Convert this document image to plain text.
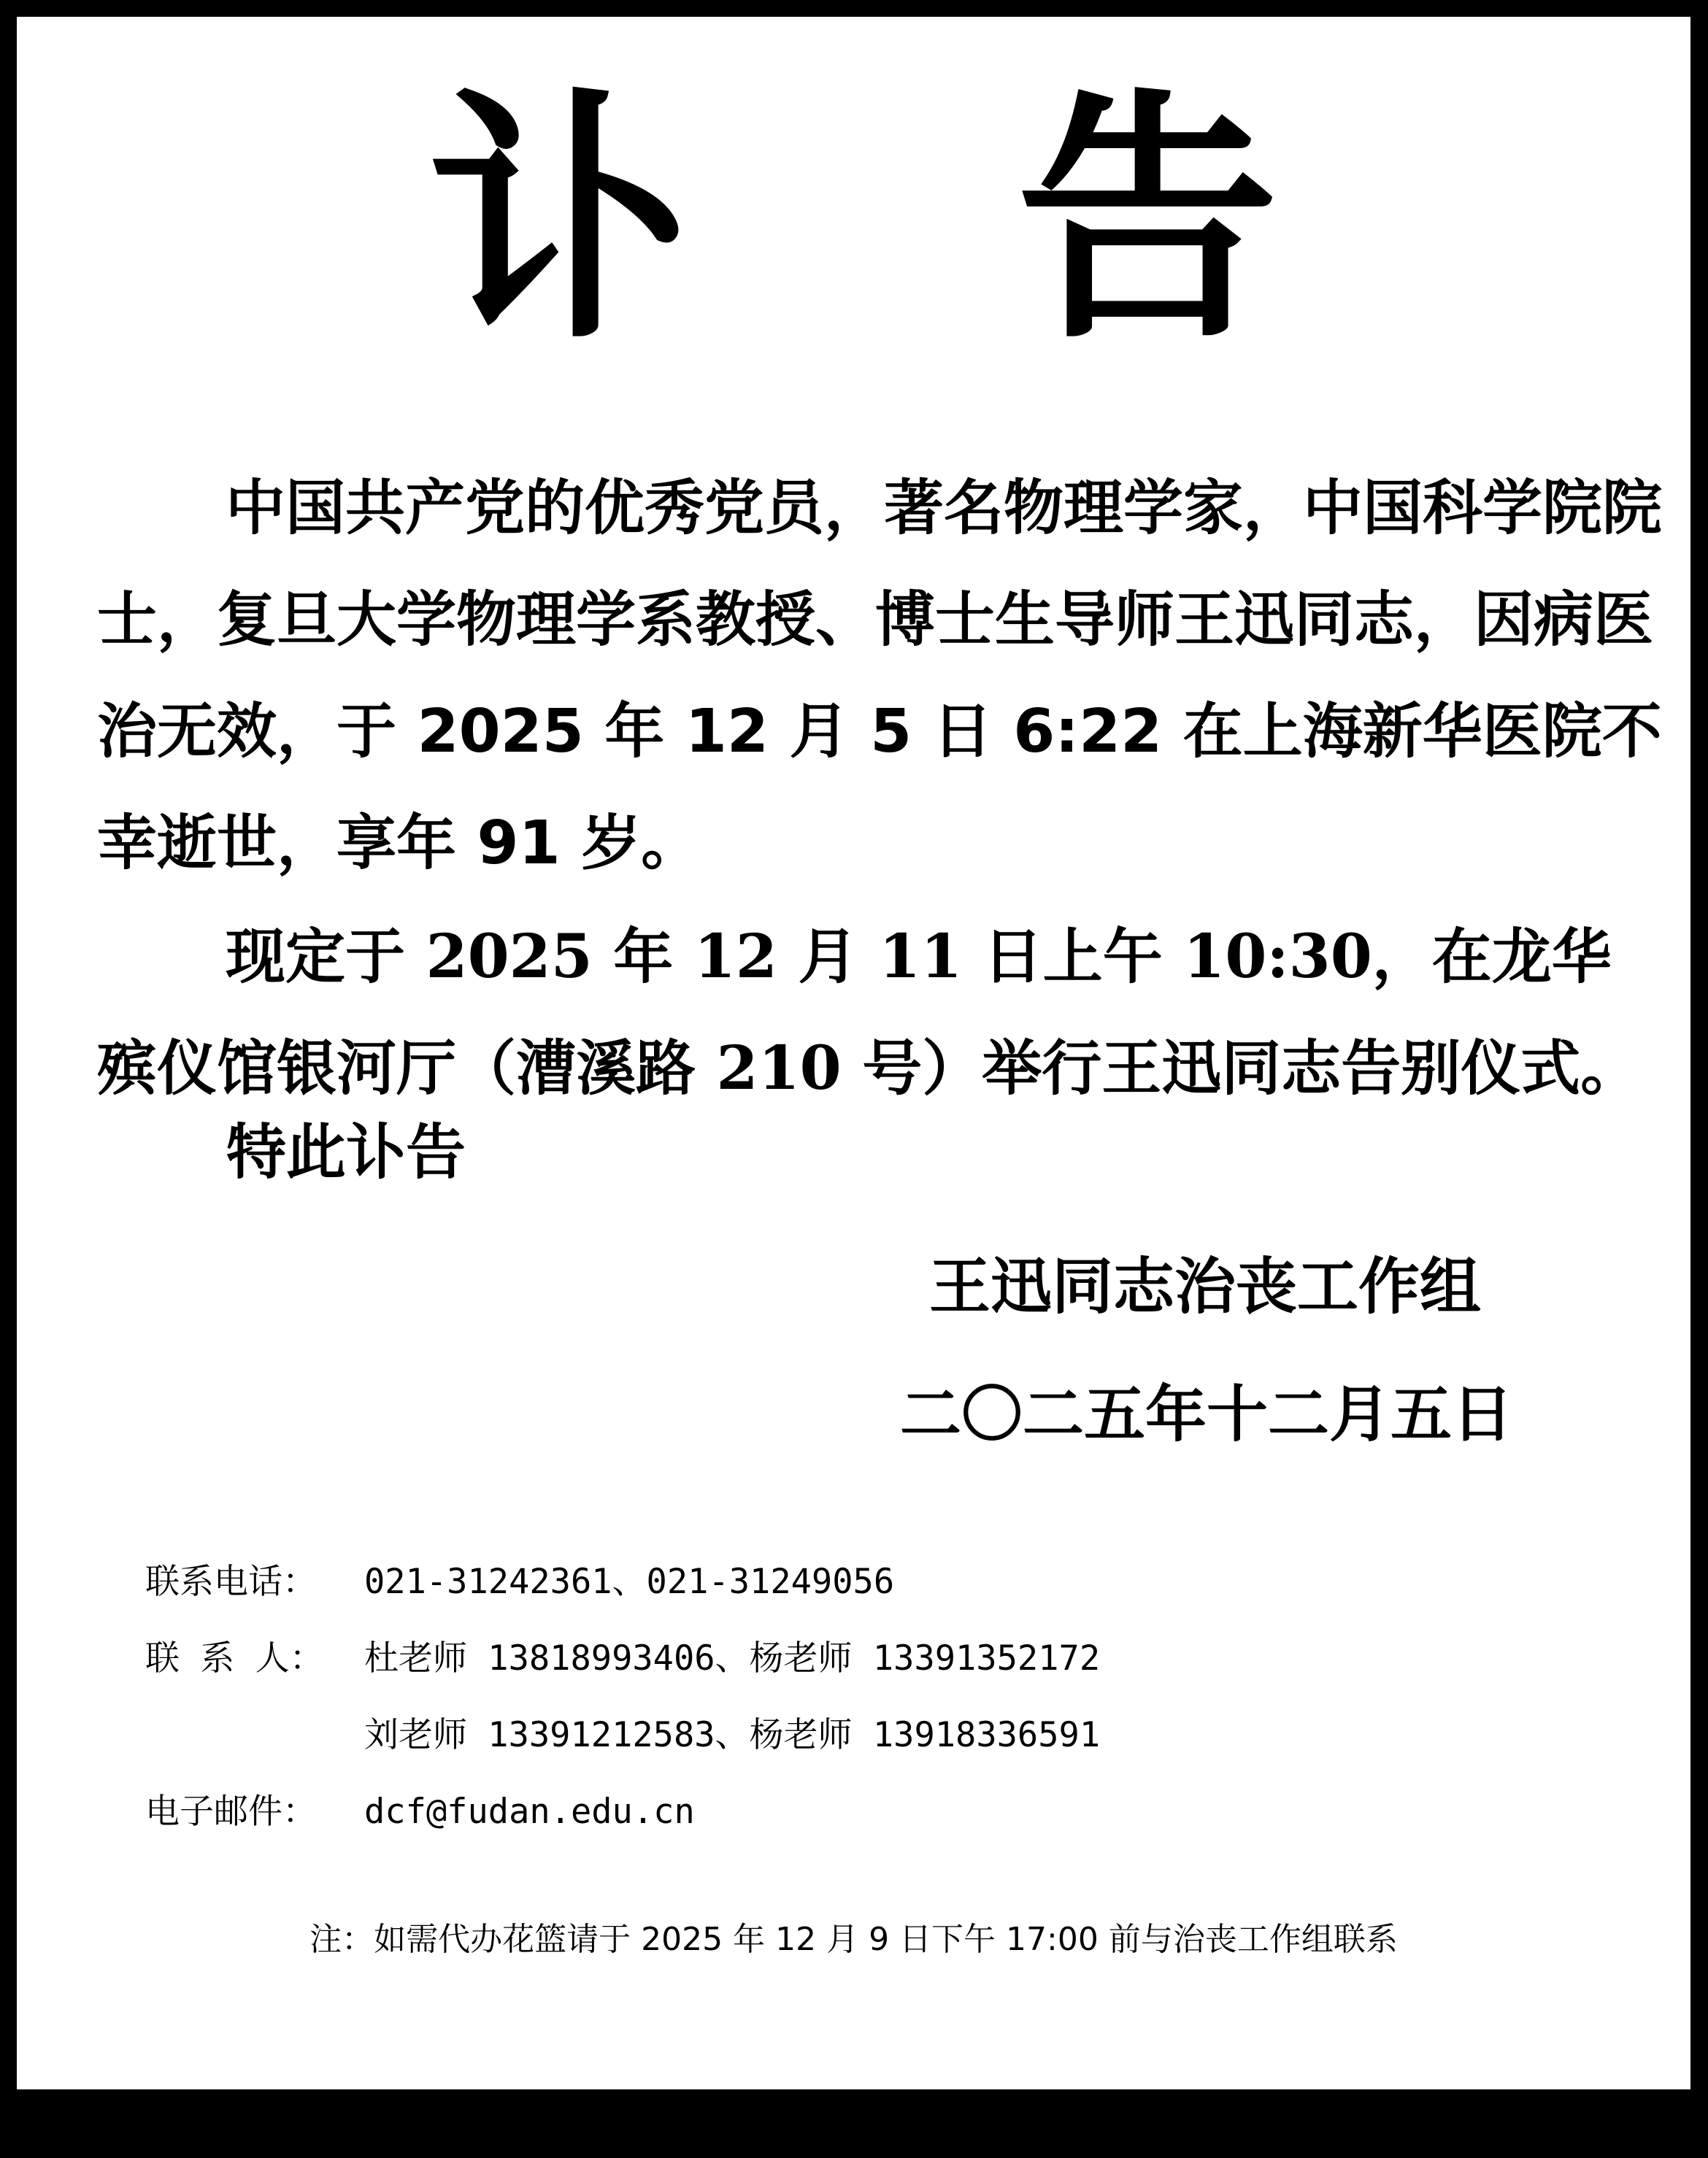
讣 告
中国共产党的优秀党员，著名物理学家，中国科学院院士，复旦大学物理学系教授、博士生导师王迅同志，因病医治无效，于 2025 年 12 月 5 日 6:22 在上海新华医院不幸逝世，享年 91 岁。
现定于 2025 年 12 月 11 日上午 10:30，在龙华殡仪馆银河厅（漕溪路 210 号）举行王迅同志告别仪式。
特此讣告
王迅同志治丧工作组
二〇二五年十二月五日
联系电话：	021-31242361、021-31249056
联 系 人：	杜老师 13818993406、杨老师 13391352172
刘老师 13391212583、杨老师 13918336591
电子邮件：	dcf@fudan.edu.cn
注：如需代办花篮请于 2025 年 12 月 9 日下午 17:00 前与治丧工作组联系
